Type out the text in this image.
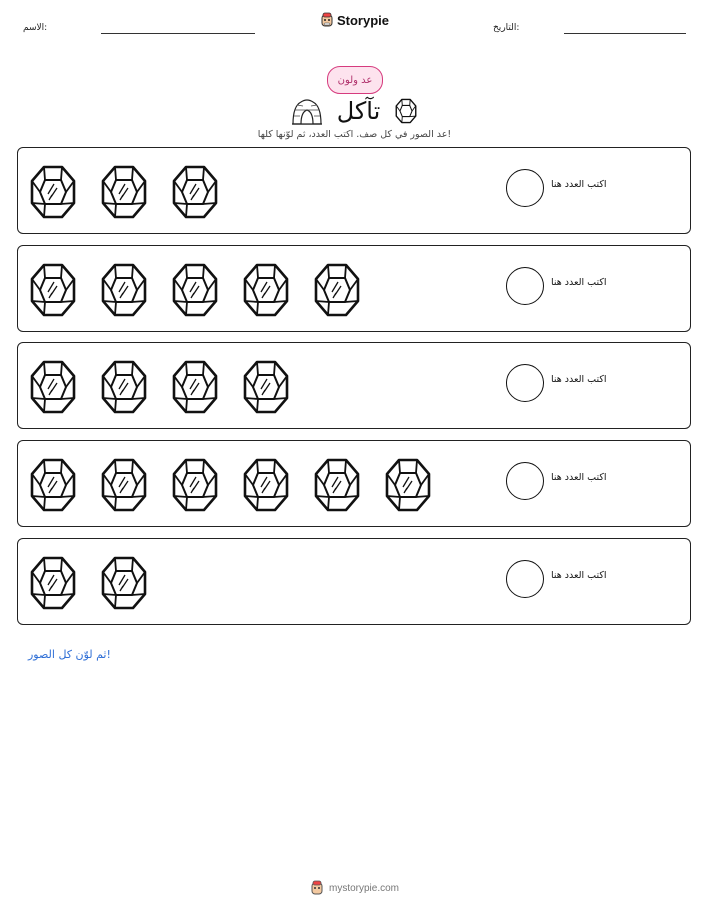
الاسم:
Storypie
التاريخ:
عد ولون
تآكل
عد الصور في كل صف. اكتب العدد، ثم لوّنها كلها!
اكتب العدد هنا
اكتب العدد هنا
اكتب العدد هنا
اكتب العدد هنا
اكتب العدد هنا
ثم لوّن كل الصور!
mystorypie.com
